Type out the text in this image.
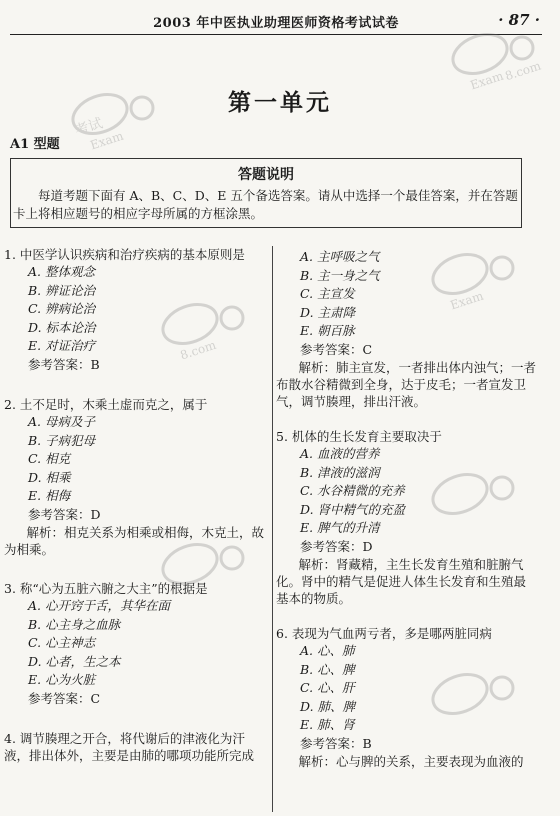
2003 年中医执业助理医师资格考试试卷	· 87 ·
第一单元
A1 型题
答题说明
每道考题下面有 A、B、C、D、E 五个备选答案。请从中选择一个最佳答案，并在答题卡上将相应题号的相应字母所属的方框涂黑。
1. 中医学认识疾病和治疗疾病的基本原则是
A. 整体观念
B. 辨证论治
C. 辨病论治
D. 标本论治
E. 对证治疗
参考答案：B
2. 土不足时，木乘土虚而克之，属于
A. 母病及子
B. 子病犯母
C. 相克
D. 相乘
E. 相侮
参考答案：D
解析：相克关系为相乘或相侮，木克土，故为相乘。
3. 称“心为五脏六腑之大主”的根据是
A. 心开窍于舌，其华在面
B. 心主身之血脉
C. 心主神志
D. 心者，生之本
E. 心为火脏
参考答案：C
4. 调节腠理之开合，将代谢后的津液化为汗液，排出体外，主要是由肺的哪项功能所完成
A. 主呼吸之气
B. 主一身之气
C. 主宣发
D. 主肃降
E. 朝百脉
参考答案：C
解析：肺主宣发，一者排出体内浊气；一者布散水谷精微到全身，达于皮毛；一者宣发卫气，调节腠理，排出汗液。
5. 机体的生长发育主要取决于
A. 血液的营养
B. 津液的滋润
C. 水谷精微的充养
D. 肾中精气的充盈
E. 脾气的升清
参考答案：D
解析：肾藏精，主生长发育生殖和脏腑气化。肾中的精气是促进人体生长发育和生殖最基本的物质。
6. 表现为气血两亏者，多是哪两脏同病
A. 心、肺
B. 心、脾
C. 心、肝
D. 肺、脾
E. 肺、肾
参考答案：B
解析：心与脾的关系，主要表现为血液的
Exam
8.com
考试
Exam
Exam
8.com
